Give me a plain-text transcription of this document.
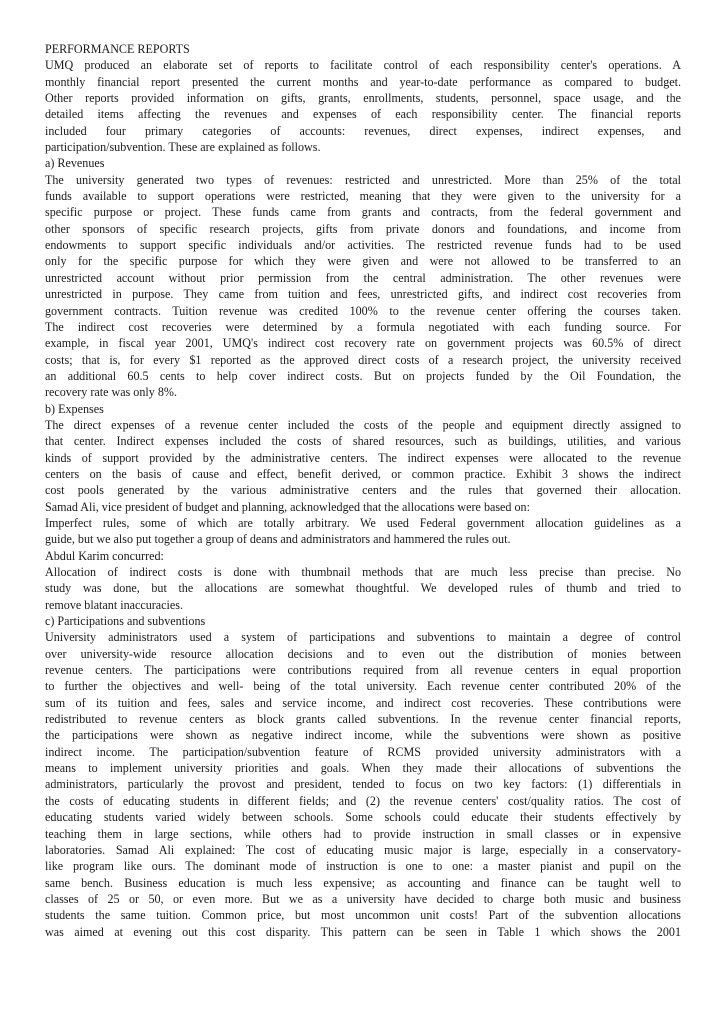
PERFORMANCE REPORTS
UMQ produced an elaborate set of reports to facilitate control of each responsibility center's operations. A
monthly financial report presented the current months and year-to-date performance as compared to budget.
Other reports provided information on gifts, grants, enrollments, students, personnel, space usage, and the
detailed items affecting the revenues and expenses of each responsibility center. The financial reports
included four primary categories of accounts: revenues, direct expenses, indirect expenses, and
participation/subvention. These are explained as follows.
a) Revenues
The university generated two types of revenues: restricted and unrestricted. More than 25% of the total
funds available to support operations were restricted, meaning that they were given to the university for a
specific purpose or project. These funds came from grants and contracts, from the federal government and
other sponsors of specific research projects, gifts from private donors and foundations, and income from
endowments to support specific individuals and/or activities. The restricted revenue funds had to be used
only for the specific purpose for which they were given and were not allowed to be transferred to an
unrestricted account without prior permission from the central administration. The other revenues were
unrestricted in purpose. They came from tuition and fees, unrestricted gifts, and indirect cost recoveries from
government contracts. Tuition revenue was credited 100% to the revenue center offering the courses taken.
The indirect cost recoveries were determined by a formula negotiated with each funding source. For
example, in fiscal year 2001, UMQ's indirect cost recovery rate on government projects was 60.5% of direct
costs; that is, for every $1 reported as the approved direct costs of a research project, the university received
an additional 60.5 cents to help cover indirect costs. But on projects funded by the Oil Foundation, the
recovery rate was only 8%.
b) Expenses
The direct expenses of a revenue center included the costs of the people and equipment directly assigned to
that center. Indirect expenses included the costs of shared resources, such as buildings, utilities, and various
kinds of support provided by the administrative centers. The indirect expenses were allocated to the revenue
centers on the basis of cause and effect, benefit derived, or common practice. Exhibit 3 shows the indirect
cost pools generated by the various administrative centers and the rules that governed their allocation.
Samad Ali, vice president of budget and planning, acknowledged that the allocations were based on:
Imperfect rules, some of which are totally arbitrary. We used Federal government allocation guidelines as a
guide, but we also put together a group of deans and administrators and hammered the rules out.
Abdul Karim concurred:
Allocation of indirect costs is done with thumbnail methods that are much less precise than precise. No
study was done, but the allocations are somewhat thoughtful. We developed rules of thumb and tried to
remove blatant inaccuracies.
c) Participations and subventions
University administrators used a system of participations and subventions to maintain a degree of control
over university-wide resource allocation decisions and to even out the distribution of monies between
revenue centers. The participations were contributions required from all revenue centers in equal proportion
to further the objectives and well- being of the total university. Each revenue center contributed 20% of the
sum of its tuition and fees, sales and service income, and indirect cost recoveries. These contributions were
redistributed to revenue centers as block grants called subventions. In the revenue center financial reports,
the participations were shown as negative indirect income, while the subventions were shown as positive
indirect income. The participation/subvention feature of RCMS provided university administrators with a
means to implement university priorities and goals. When they made their allocations of subventions the
administrators, particularly the provost and president, tended to focus on two key factors: (1) differentials in
the costs of educating students in different fields; and (2) the revenue centers' cost/quality ratios. The cost of
educating students varied widely between schools. Some schools could educate their students effectively by
teaching them in large sections, while others had to provide instruction in small classes or in expensive
laboratories. Samad Ali explained: The cost of educating music major is large, especially in a conservatory-
like program like ours. The dominant mode of instruction is one to one: a master pianist and pupil on the
same bench. Business education is much less expensive; as accounting and finance can be taught well to
classes of 25 or 50, or even more. But we as a university have decided to charge both music and business
students the same tuition. Common price, but most uncommon unit costs! Part of the subvention allocations
was aimed at evening out this cost disparity. This pattern can be seen in Table 1 which shows the 2001
